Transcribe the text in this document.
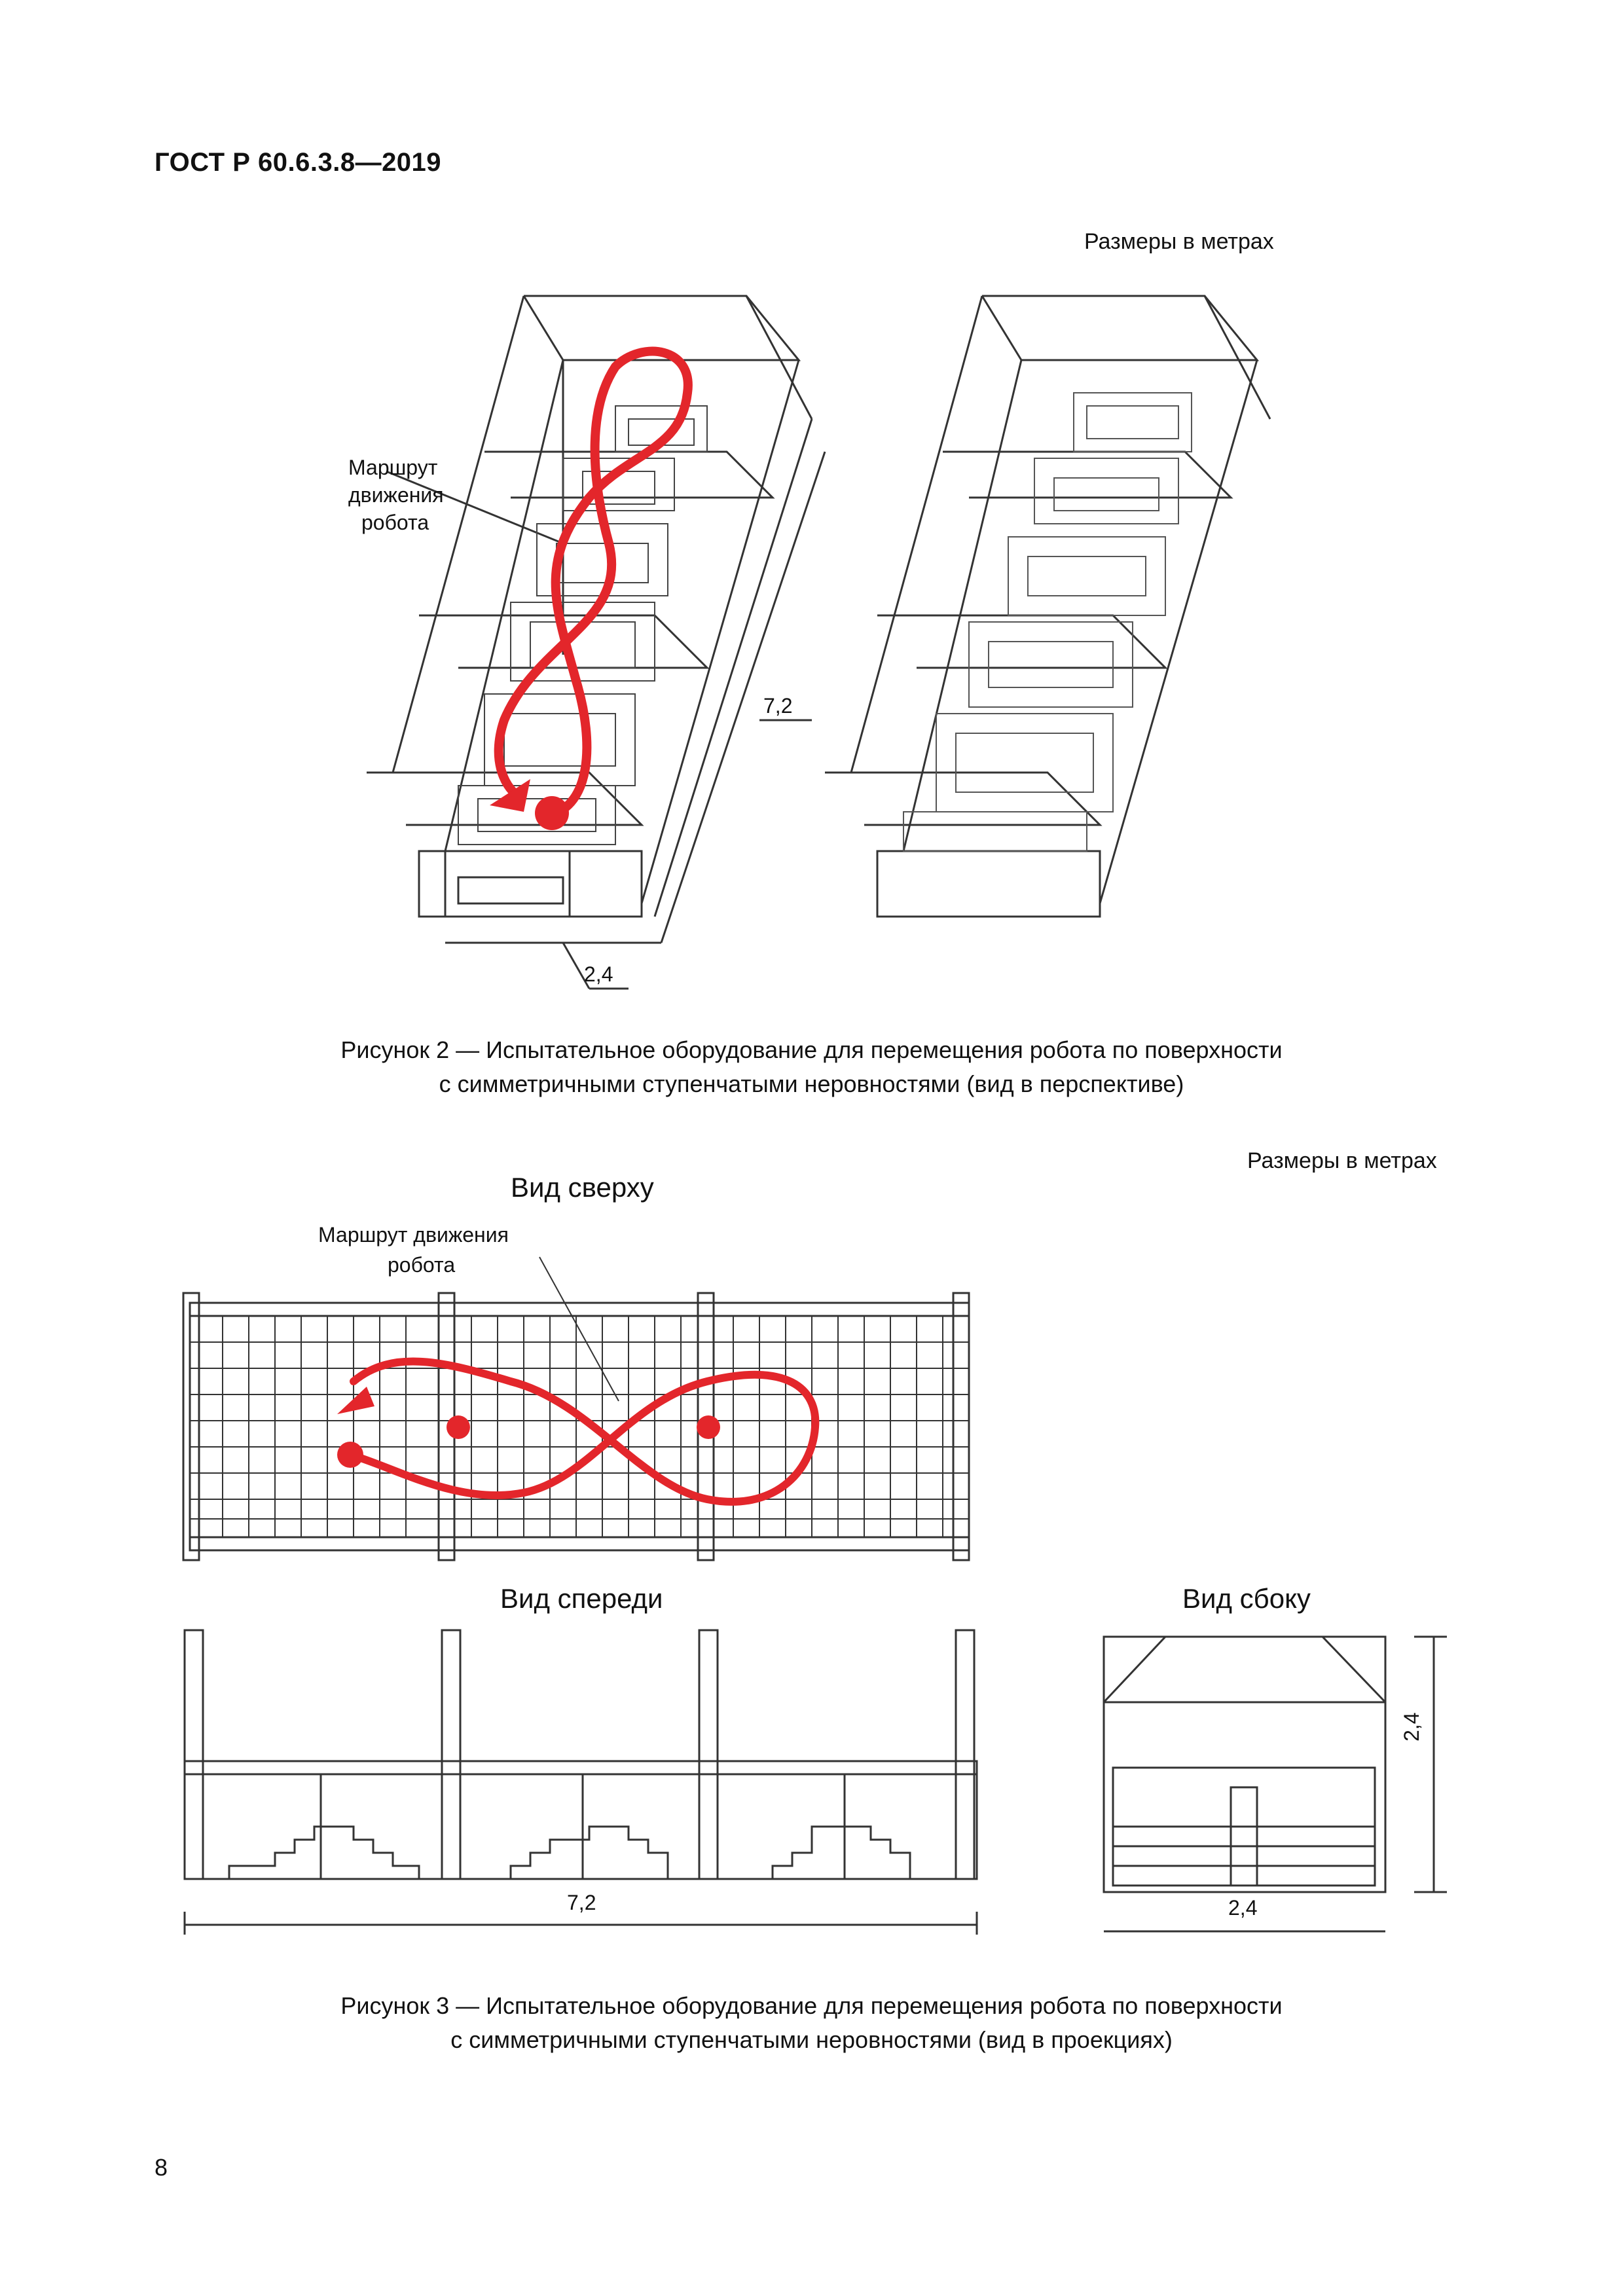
ГОСТ Р 60.6.3.8—2019
Размеры в метрах
Маршрут
движения
робота
7,2
2,4
Рисунок 2 — Испытательное оборудование для перемещения робота по поверхности
с симметричными ступенчатыми неровностями (вид в перспективе)
Размеры в метрах
Вид сверху
Маршрут движения
робота
Вид спереди	Вид сбоку
7,2	2,4
2,4
Рисунок 3 — Испытательное оборудование для перемещения робота по поверхности
с симметричными ступенчатыми неровностями (вид в проекциях)
8
